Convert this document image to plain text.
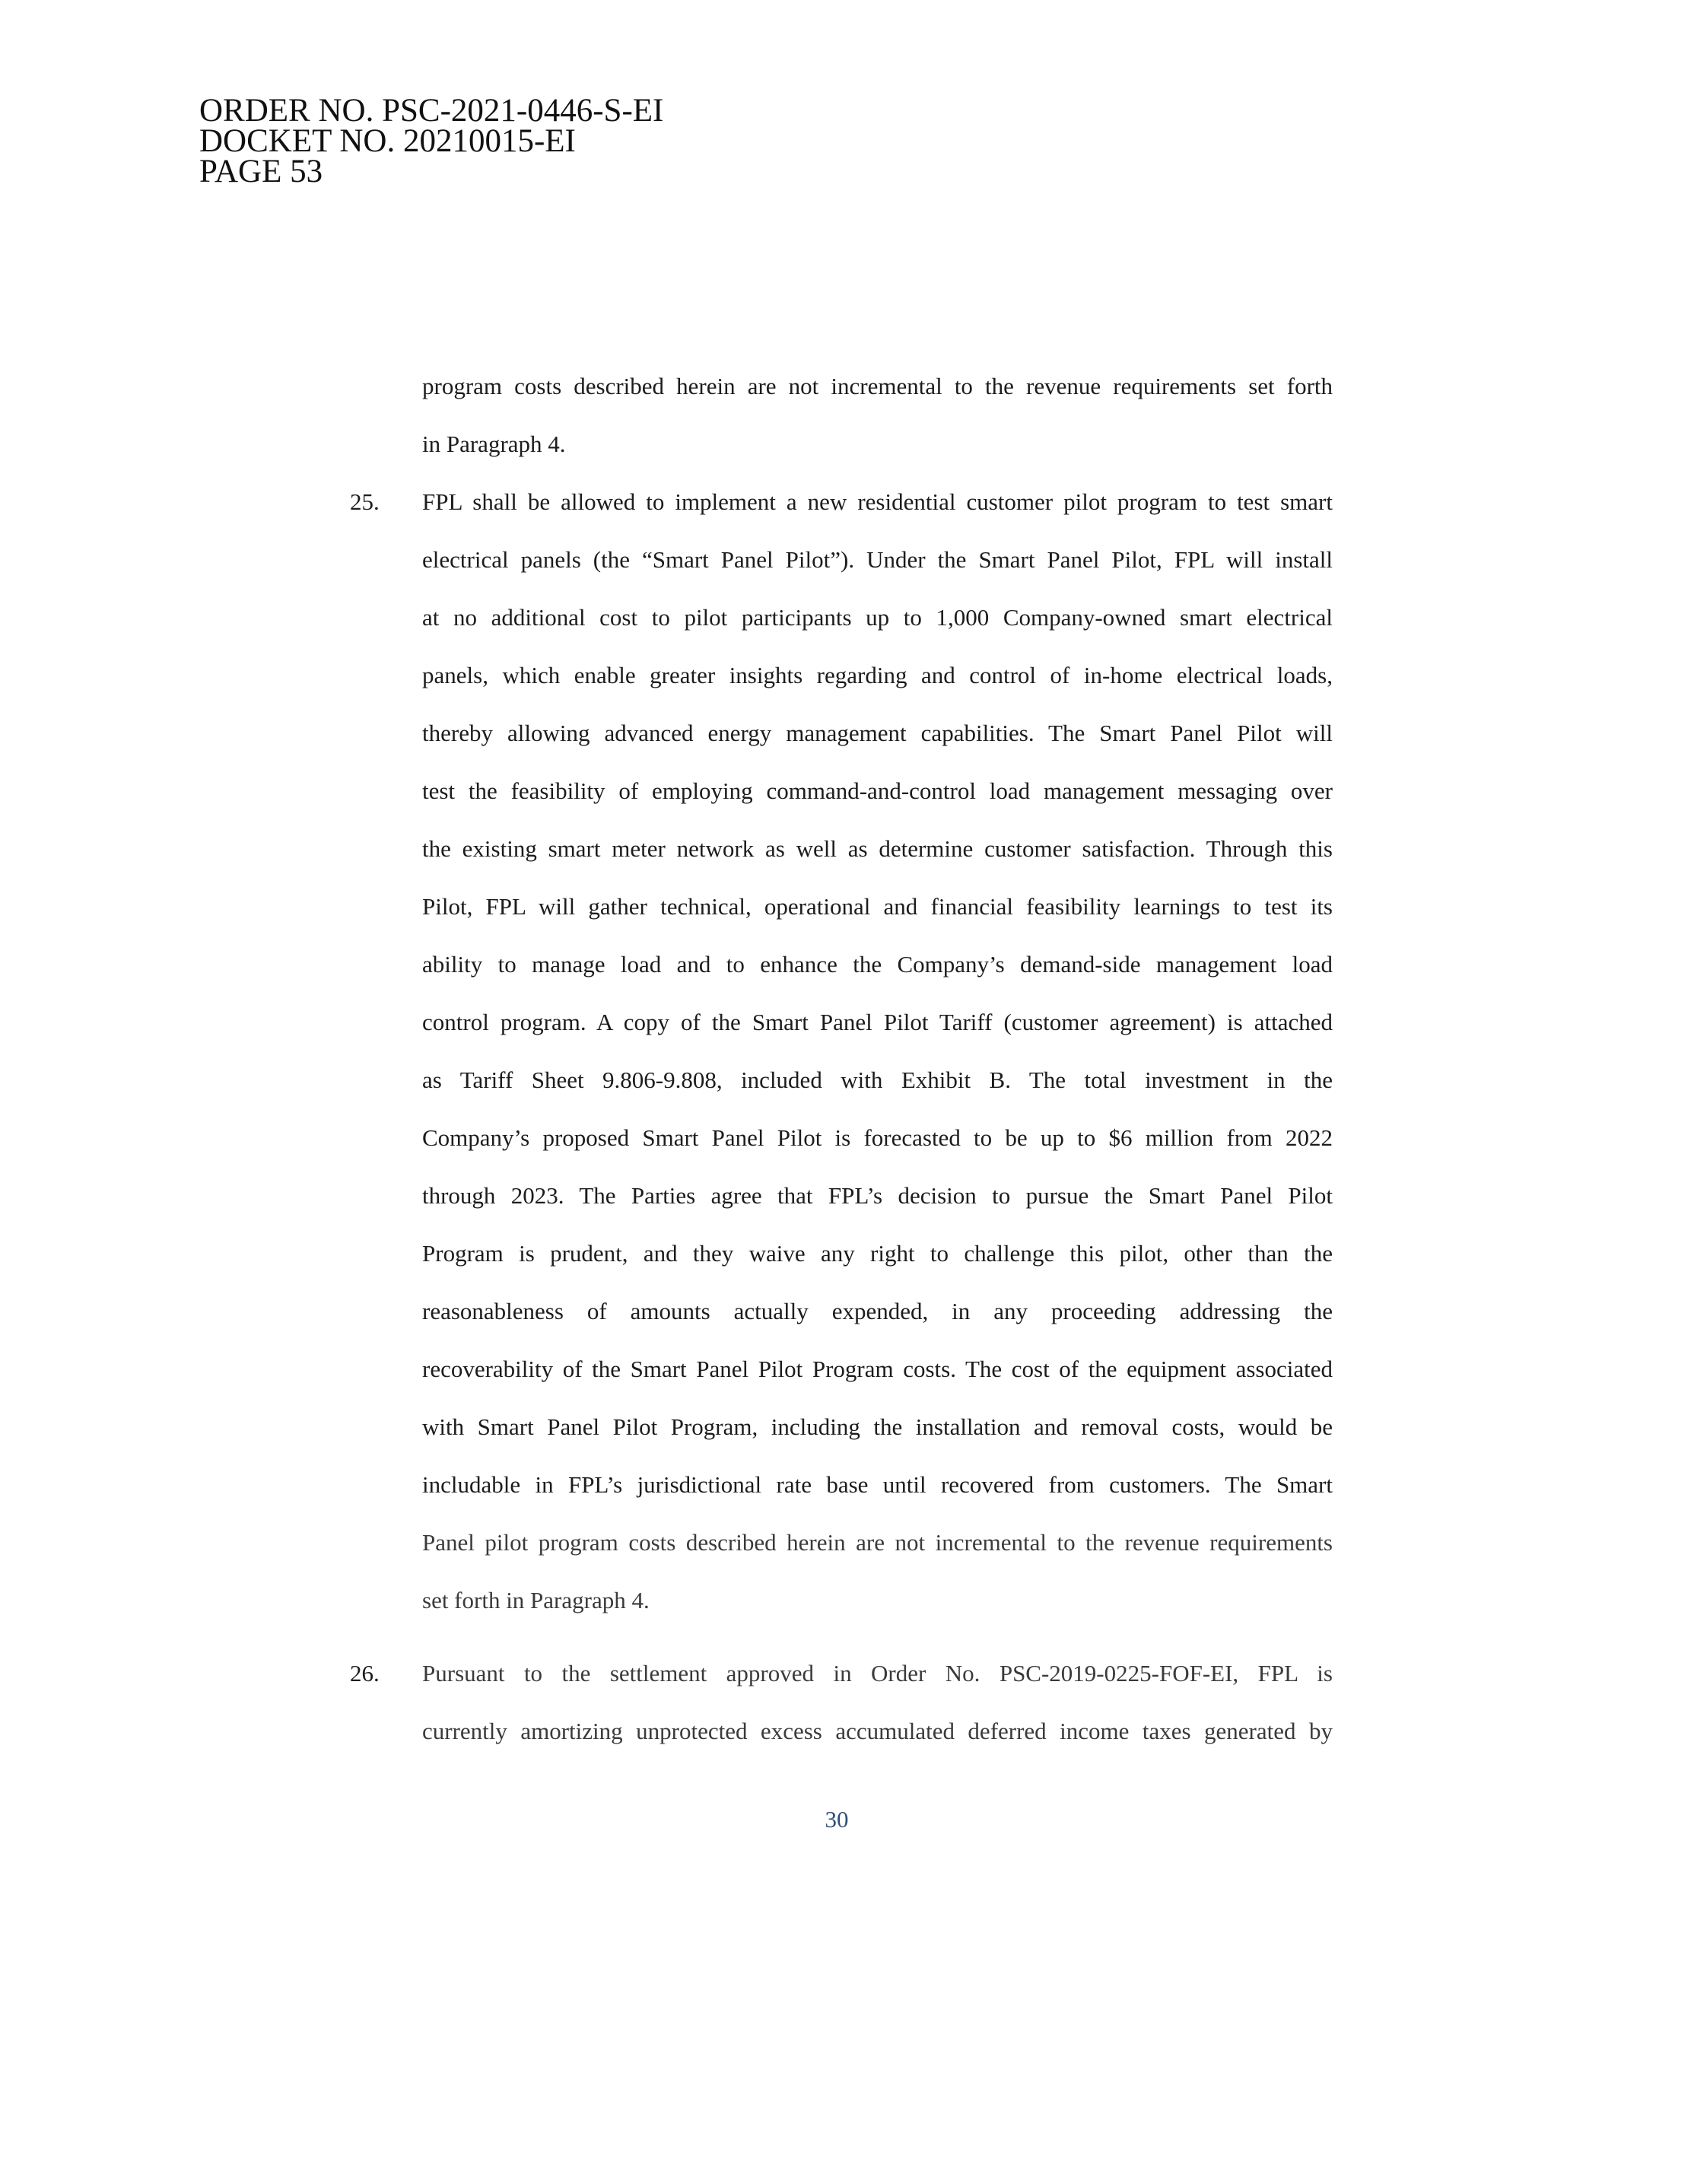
ORDER NO. PSC-2021-0446-S-EI
DOCKET NO. 20210015-EI
PAGE 53
program costs described herein are not incremental to the revenue requirements set forth
in Paragraph 4.
25. FPL shall be allowed to implement a new residential customer pilot program to test smart
electrical panels (the “Smart Panel Pilot”). Under the Smart Panel Pilot, FPL will install
at no additional cost to pilot participants up to 1,000 Company-owned smart electrical
panels, which enable greater insights regarding and control of in-home electrical loads,
thereby allowing advanced energy management capabilities. The Smart Panel Pilot will
test the feasibility of employing command-and-control load management messaging over
the existing smart meter network as well as determine customer satisfaction. Through this
Pilot, FPL will gather technical, operational and financial feasibility learnings to test its
ability to manage load and to enhance the Company’s demand-side management load
control program. A copy of the Smart Panel Pilot Tariff (customer agreement) is attached
as Tariff Sheet 9.806-9.808, included with Exhibit B. The total investment in the
Company’s proposed Smart Panel Pilot is forecasted to be up to $6 million from 2022
through 2023. The Parties agree that FPL’s decision to pursue the Smart Panel Pilot
Program is prudent, and they waive any right to challenge this pilot, other than the
reasonableness of amounts actually expended, in any proceeding addressing the
recoverability of the Smart Panel Pilot Program costs. The cost of the equipment associated
with Smart Panel Pilot Program, including the installation and removal costs, would be
includable in FPL’s jurisdictional rate base until recovered from customers. The Smart
Panel pilot program costs described herein are not incremental to the revenue requirements
set forth in Paragraph 4.
26. Pursuant to the settlement approved in Order No. PSC-2019-0225-FOF-EI, FPL is
currently amortizing unprotected excess accumulated deferred income taxes generated by
30
